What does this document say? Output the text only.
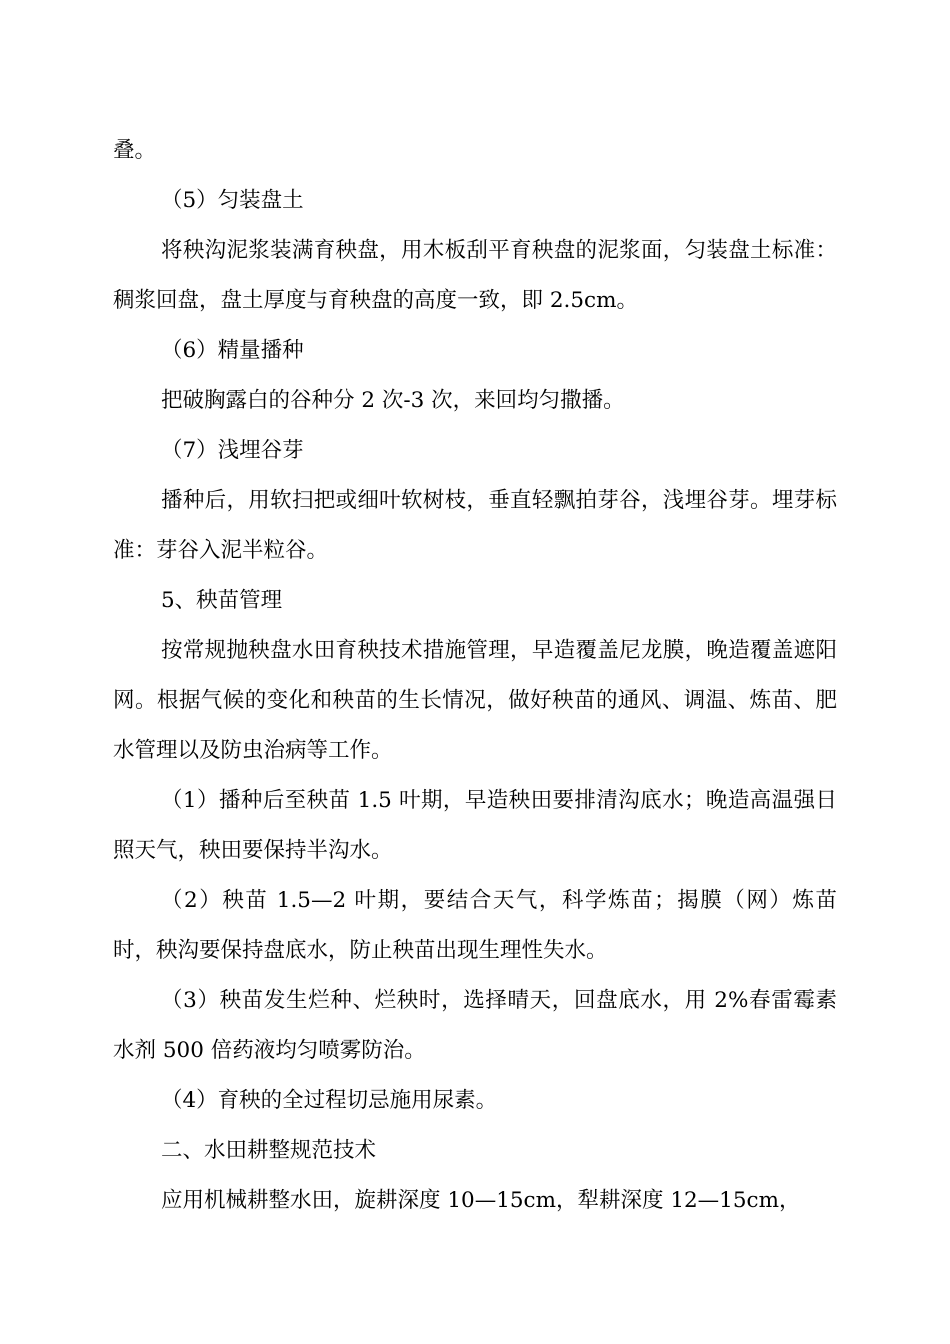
叠。

（5）匀装盘土

将秧沟泥浆装满育秧盘，用木板刮平育秧盘的泥浆面，匀装盘土标准：稠浆回盘，盘土厚度与育秧盘的高度一致，即 2.5cm。

（6）精量播种

把破胸露白的谷种分 2 次-3 次，来回均匀撒播。

（7）浅埋谷芽

播种后，用软扫把或细叶软树枝，垂直轻飘拍芽谷，浅埋谷芽。埋芽标准：芽谷入泥半粒谷。

5、秧苗管理

按常规抛秧盘水田育秧技术措施管理，早造覆盖尼龙膜，晚造覆盖遮阳网。根据气候的变化和秧苗的生长情况，做好秧苗的通风、调温、炼苗、肥水管理以及防虫治病等工作。

（1）播种后至秧苗 1.5 叶期，早造秧田要排清沟底水；晚造高温强日照天气，秧田要保持半沟水。

（2）秧苗 1.5—2 叶期，要结合天气，科学炼苗；揭膜（网）炼苗时，秧沟要保持盘底水，防止秧苗出现生理性失水。

（3）秧苗发生烂种、烂秧时，选择晴天，回盘底水，用 2%春雷霉素水剂 500 倍药液均匀喷雾防治。

（4）育秧的全过程切忌施用尿素。

二、水田耕整规范技术

应用机械耕整水田，旋耕深度 10—15cm，犁耕深度 12—15cm，
